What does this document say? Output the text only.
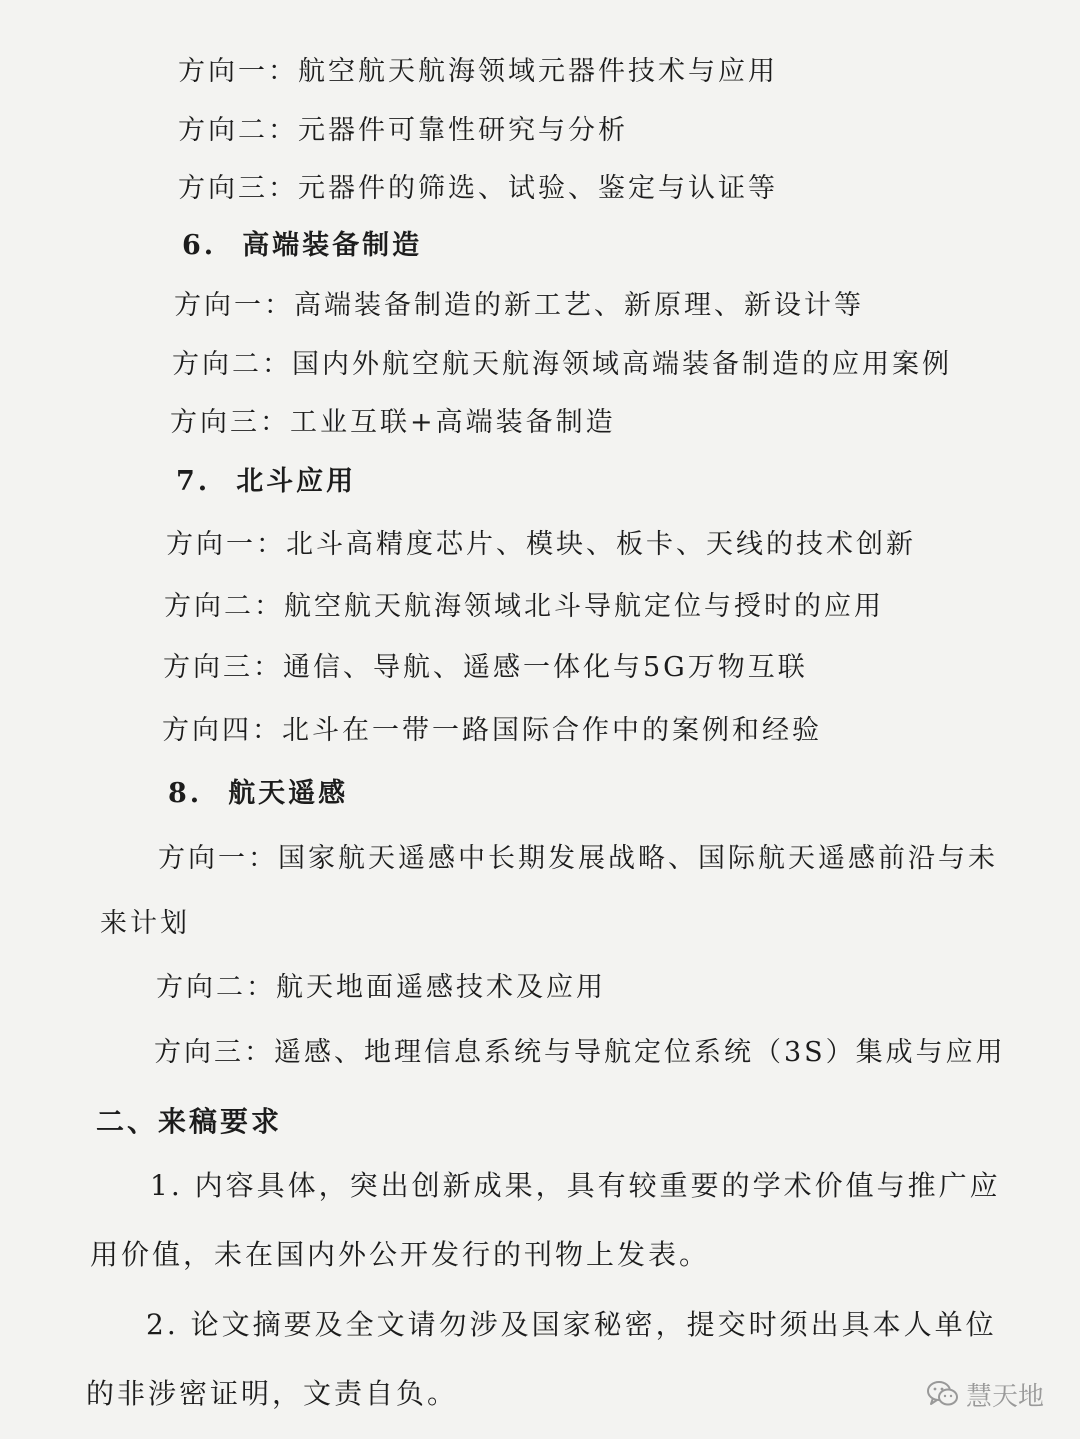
方向一：航空航天航海领域元器件技术与应用
方向二：元器件可靠性研究与分析
方向三：元器件的筛选、试验、鉴定与认证等
6. 高端装备制造
方向一：高端装备制造的新工艺、新原理、新设计等
方向二：国内外航空航天航海领域高端装备制造的应用案例
方向三：工业互联+高端装备制造
7. 北斗应用
方向一：北斗高精度芯片、模块、板卡、天线的技术创新
方向二：航空航天航海领域北斗导航定位与授时的应用
方向三：通信、导航、遥感一体化与5G万物互联
方向四：北斗在一带一路国际合作中的案例和经验
8. 航天遥感
方向一：国家航天遥感中长期发展战略、国际航天遥感前沿与未
来计划
方向二：航天地面遥感技术及应用
方向三：遥感、地理信息系统与导航定位系统（3S）集成与应用
二、来稿要求
1. 内容具体，突出创新成果，具有较重要的学术价值与推广应
用价值，未在国内外公开发行的刊物上发表。
2. 论文摘要及全文请勿涉及国家秘密，提交时须出具本人单位
的非涉密证明，文责自负。	慧天地
